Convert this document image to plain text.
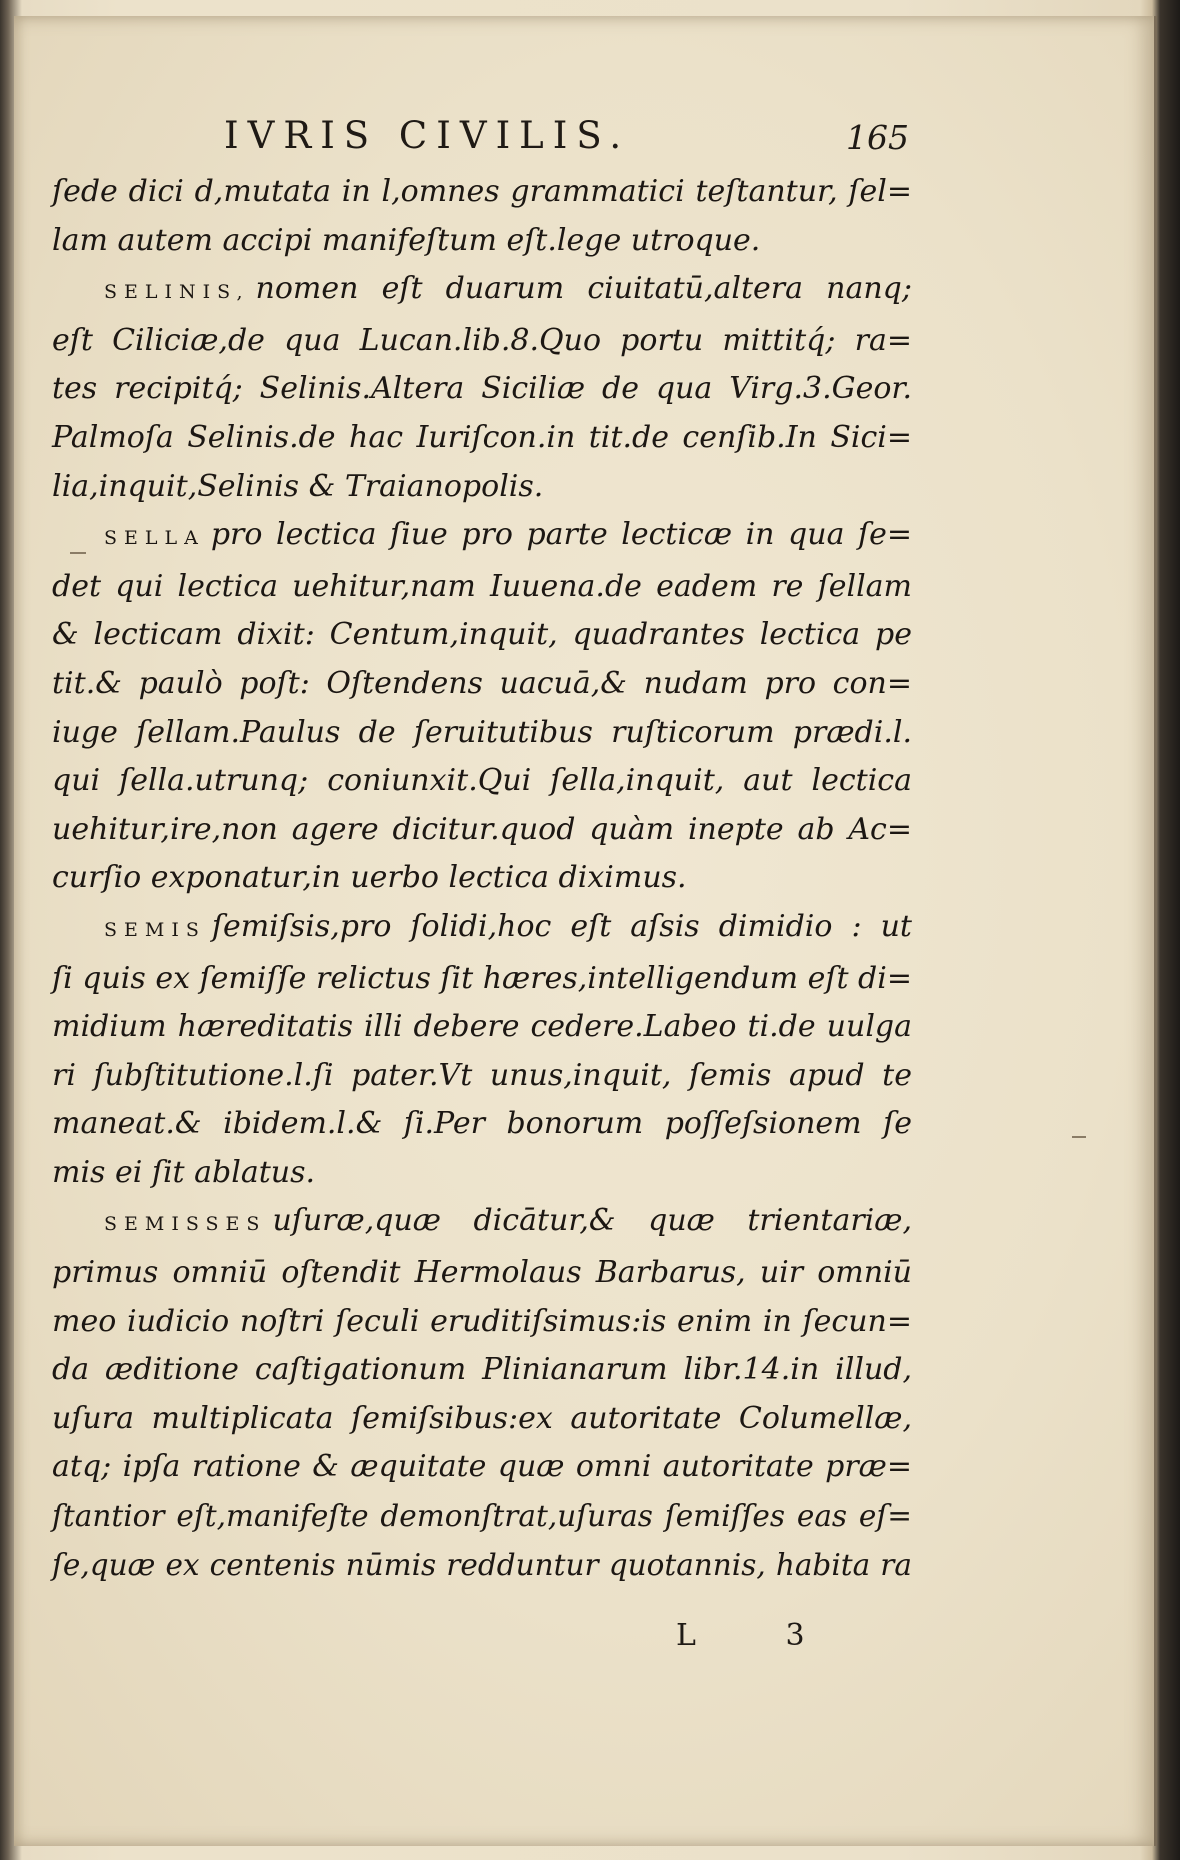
IVRIS CIVILIS.	165
ſede dici d,mutata in l,omnes grammatici teſtantur, ſel=
lam autem accipi manifeſtum eſt.lege utroque.
SELINIS, nomen eſt duarum ciuitatū,altera nanq;
eſt Ciliciæ,de qua Lucan.lib.8.Quo portu mittitq́; ra=
tes recipitq́; Selinis.Altera Siciliæ de qua Virg.3.Geor.
Palmoſa Selinis.de hac Iuriſcon.in tit.de cenſib.In Sici=
lia,inquit,Selinis & Traianopolis.
SELLA pro lectica ſiue pro parte lecticæ in qua ſe=
det qui lectica uehitur,nam Iuuena.de eadem re ſellam
& lecticam dixit: Centum,inquit, quadrantes lectica pe
tit.& paulò poſt: Oſtendens uacuā,& nudam pro con=
iuge ſellam.Paulus de ſeruitutibus ruſticorum prædi.l.
qui ſella.utrunq; coniunxit.Qui ſella,inquit, aut lectica
uehitur,ire,non agere dicitur.quod quàm inepte ab Ac=
curſio exponatur,in uerbo lectica diximus.
SEMIS ſemiſsis,pro ſolidi,hoc eſt aſsis dimidio : ut
ſi quis ex ſemiſſe relictus ſit hæres,intelligendum eſt di=
midium hæreditatis illi debere cedere.Labeo ti.de uulga
ri ſubſtitutione.l.ſi pater.Vt unus,inquit, ſemis apud te
maneat.& ibidem.l.& ſi.Per bonorum poſſeſsionem ſe
mis ei ſit ablatus.
SEMISSES uſuræ,quæ dicātur,& quæ trientariæ,
primus omniū oſtendit Hermolaus Barbarus, uir omniū
meo iudicio noſtri ſeculi eruditiſsimus:is enim in ſecun=
da æditione caſtigationum Plinianarum libr.14.in illud,
uſura multiplicata ſemiſsibus:ex autoritate Columellæ,
atq; ipſa ratione & æquitate quæ omni autoritate præ=
ſtantior eſt,manifeſte demonſtrat,uſuras ſemiſſes eas eſ=
ſe,quæ ex centenis nūmis redduntur quotannis, habita ra
L 3
